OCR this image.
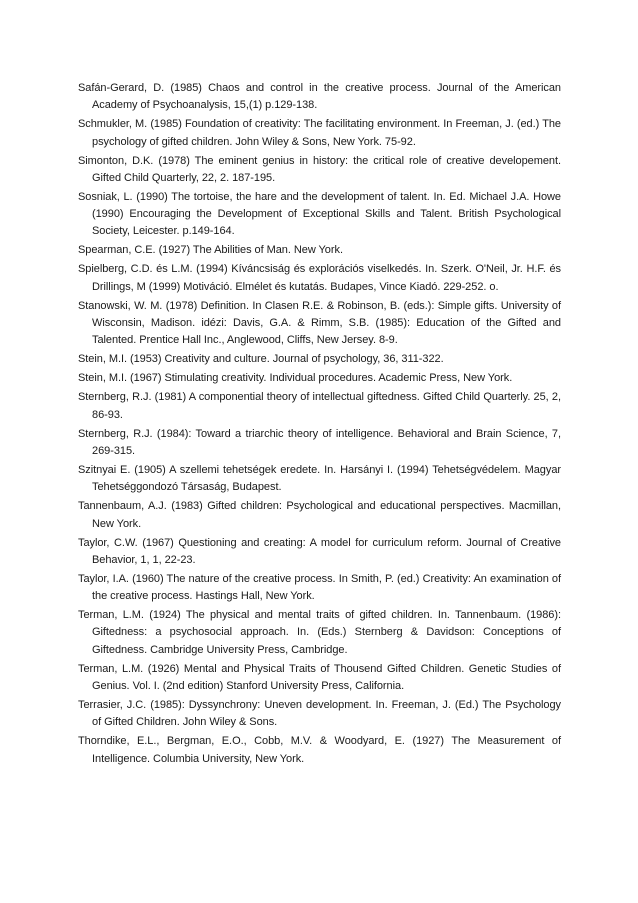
Safán-Gerard, D. (1985) Chaos and control in the creative process. Journal of the American Academy of Psychoanalysis, 15,(1) p.129-138.
Schmukler, M. (1985) Foundation of creativity: The facilitating environment. In Freeman, J. (ed.) The psychology of gifted children. John Wiley & Sons, New York. 75-92.
Simonton, D.K. (1978) The eminent genius in history: the critical role of creative developement. Gifted Child Quarterly, 22, 2. 187-195.
Sosniak, L. (1990) The tortoise, the hare and the development of talent. In. Ed. Michael J.A. Howe (1990) Encouraging the Development of Exceptional Skills and Talent. British Psychological Society, Leicester. p.149-164.
Spearman, C.E. (1927) The Abilities of Man. New York.
Spielberg, C.D. és L.M. (1994) Kíváncsiság és explorációs viselkedés. In. Szerk. O'Neil, Jr. H.F. és Drillings, M (1999) Motiváció. Elmélet és kutatás. Budapes, Vince Kiadó. 229-252. o.
Stanowski, W. M. (1978) Definition. In Clasen R.E. & Robinson, B. (eds.): Simple gifts. University of Wisconsin, Madison. idézi: Davis, G.A. & Rimm, S.B. (1985): Education of the Gifted and Talented. Prentice Hall Inc., Anglewood, Cliffs, New Jersey. 8-9.
Stein, M.I. (1953) Creativity and culture. Journal of psychology, 36, 311-322.
Stein, M.I. (1967) Stimulating creativity. Individual procedures. Academic Press, New York.
Sternberg, R.J. (1981) A componential theory of intellectual giftedness. Gifted Child Quarterly. 25, 2, 86-93.
Sternberg, R.J. (1984): Toward a triarchic theory of intelligence. Behavioral and Brain Science, 7, 269-315.
Szitnyai E. (1905) A szellemi tehetségek eredete. In. Harsányi I. (1994) Tehetségvédelem. Magyar Tehetséggondozó Társaság, Budapest.
Tannenbaum, A.J. (1983) Gifted children: Psychological and educational perspectives. Macmillan, New York.
Taylor, C.W. (1967) Questioning and creating: A model for curriculum reform. Journal of Creative Behavior, 1, 1, 22-23.
Taylor, I.A. (1960) The nature of the creative process. In Smith, P. (ed.) Creativity: An examination of the creative process. Hastings Hall, New York.
Terman, L.M. (1924) The physical and mental traits of gifted children. In. Tannenbaum. (1986): Giftedness: a psychosocial approach. In. (Eds.) Sternberg & Davidson: Conceptions of Giftedness. Cambridge University Press, Cambridge.
Terman, L.M. (1926) Mental and Physical Traits of Thousend Gifted Children. Genetic Studies of Genius. Vol. I. (2nd edition) Stanford University Press, California.
Terrasier, J.C. (1985): Dyssynchrony: Uneven development. In. Freeman, J. (Ed.) The Psychology of Gifted Children. John Wiley & Sons.
Thorndike, E.L., Bergman, E.O., Cobb, M.V. & Woodyard, E. (1927) The Measurement of Intelligence. Columbia University, New York.
